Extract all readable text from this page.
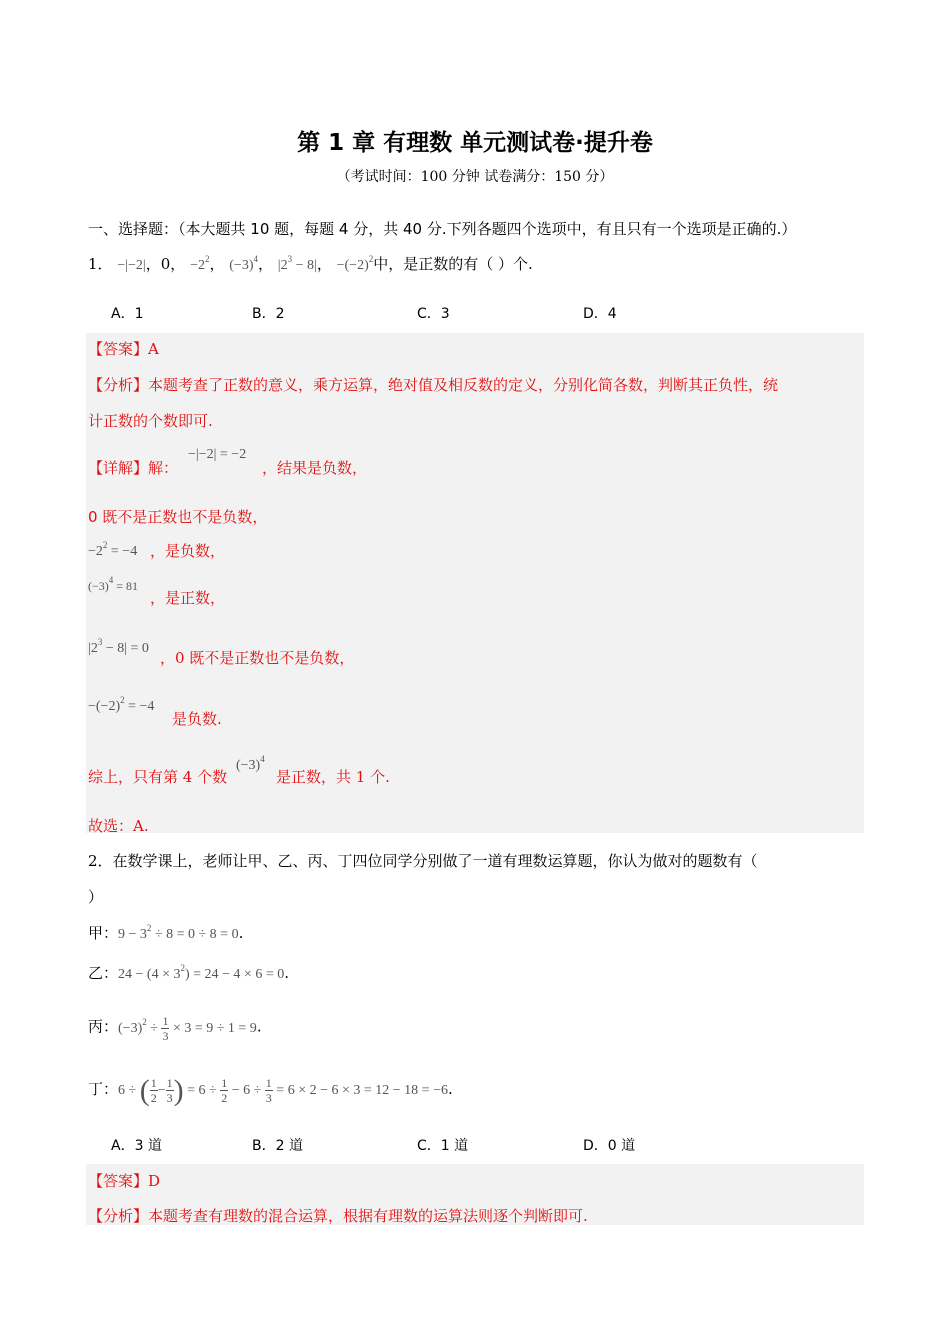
第 1 章 有理数 单元测试卷·提升卷
（考试时间：100 分钟 试卷满分：150 分）
一、选择题：（本大题共 10 题，每题 4 分，共 40 分.下列各题四个选项中，有且只有一个选项是正确的.）
1． −|−2|，0， $-2^2$， $(-3)^4$， $|2^3 - 8|$， $-(-2)^2$中，是正数的有（ ）个.
A．1	B．2	C．3	D．4
【答案】A
【分析】本题考查了正数的意义，乘方运算，绝对值及相反数的定义，分别化简各数，判断其正负性，统
计正数的个数即可.
【详解】解：
−|−2| = −2
，结果是负数，
0 既不是正数也不是负数，
$-2^2 = -4$ ，是负数，
$(-3)^4 = 81$
，是正数，
$|2^3 - 8| = 0$
，0 既不是正数也不是负数，
$-(-2)^2 = -4$
是负数.
综上，只有第 4 个数
$(-3)^4$
是正数，共 1 个.
故选：A.
2．在数学课上，老师让甲、乙、丙、丁四位同学分别做了一道有理数运算题，你认为做对的题数有（
）
甲：$9 - 3^2 \div 8 = 0 \div 8 = 0$.
乙：$24 - (4 \times 3^2) = 24 - 4 \times 6 = 0$.
丙：$(-3)^2 \div \frac{1}{3} \times 3 = 9 \div 1 = 9$.
丁：6 ÷ ( $\frac{1}{2} - \frac{1}{3}$ ) = $6 \div \frac{1}{2} - 6 \div \frac{1}{3} = 6 \times 2 - 6 \times 3 = 12 - 18 = -6$.
A．3 道	B．2 道	C．1 道	D．0 道
【答案】D
【分析】本题考查有理数的混合运算，根据有理数的运算法则逐个判断即可.
